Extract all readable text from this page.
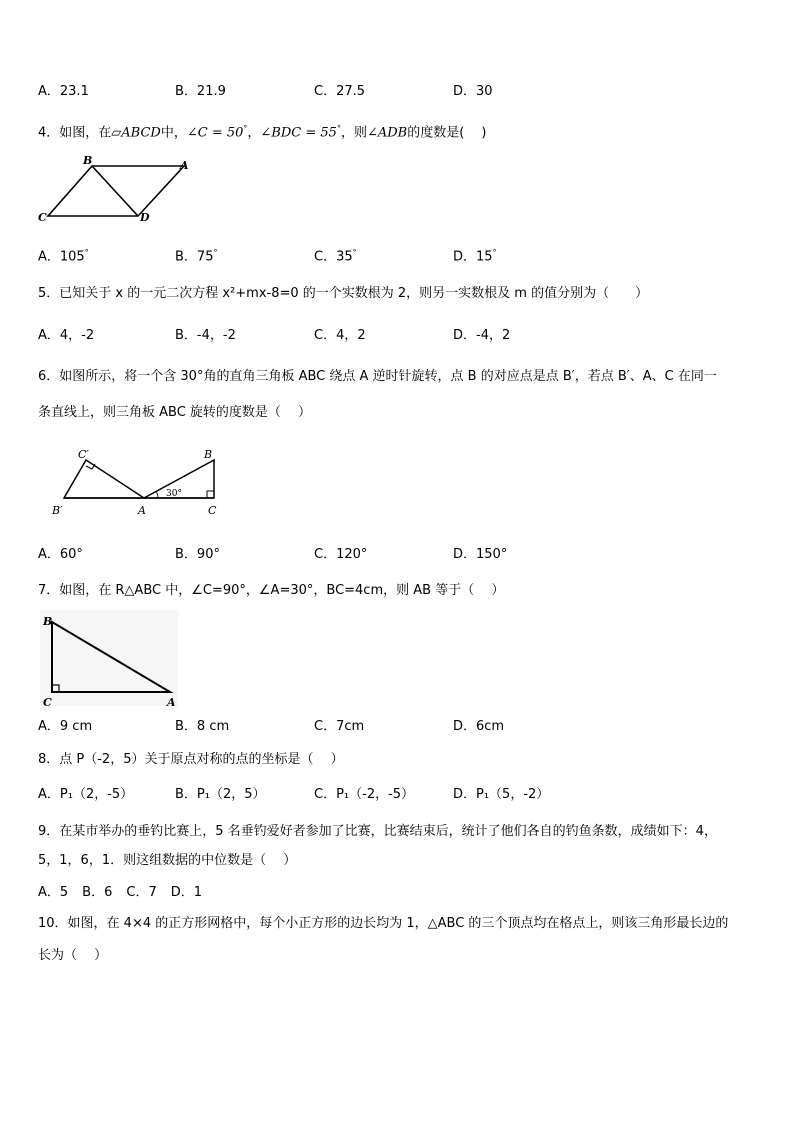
A．23.1	B．21.9	C．27.5	D．30
4．如图，在▱ABCD中，∠C = 50°，∠BDC = 55°，则∠ADB的度数是(　 )
B	A
C	D
A．105°	B．75°	C．35°	D．15°
5．已知关于 x 的一元二次方程 x²+mx-8=0 的一个实数根为 2，则另一实数根及 m 的值分别为（　　）
A．4，-2	B．-4，-2	C．4，2	D．-4，2
6．如图所示，将一个含 30°角的直角三角板 ABC 绕点 A 逆时针旋转，点 B 的对应点是点 B′，若点 B′、A、C 在同一
条直线上，则三角板 ABC 旋转的度数是（　 ）
30°
C′	B
B′	A	C
A．60°	B．90°	C．120°	D．150°
7．如图，在 R△ABC 中，∠C=90°，∠A=30°，BC=4cm，则 AB 等于（　 ）
B
C	A
A．9 cm	B．8 cm	C．7cm	D．6cm
8．点 P（-2，5）关于原点对称的点的坐标是（　 ）
A．P₁（2，-5）	B．P₁（2，5）	C．P₁（-2，-5）	D．P₁（5，-2）
9．在某市举办的垂钓比赛上，5 名垂钓爱好者参加了比赛，比赛结束后，统计了他们各自的钓鱼条数，成绩如下：4，
5，1，6，1．则这组数据的中位数是（　 ）
A．5 B．6 C．7 D．1
10．如图，在 4×4 的正方形网格中，每个小正方形的边长均为 1，△ABC 的三个顶点均在格点上，则该三角形最长边的
长为（　 ）
